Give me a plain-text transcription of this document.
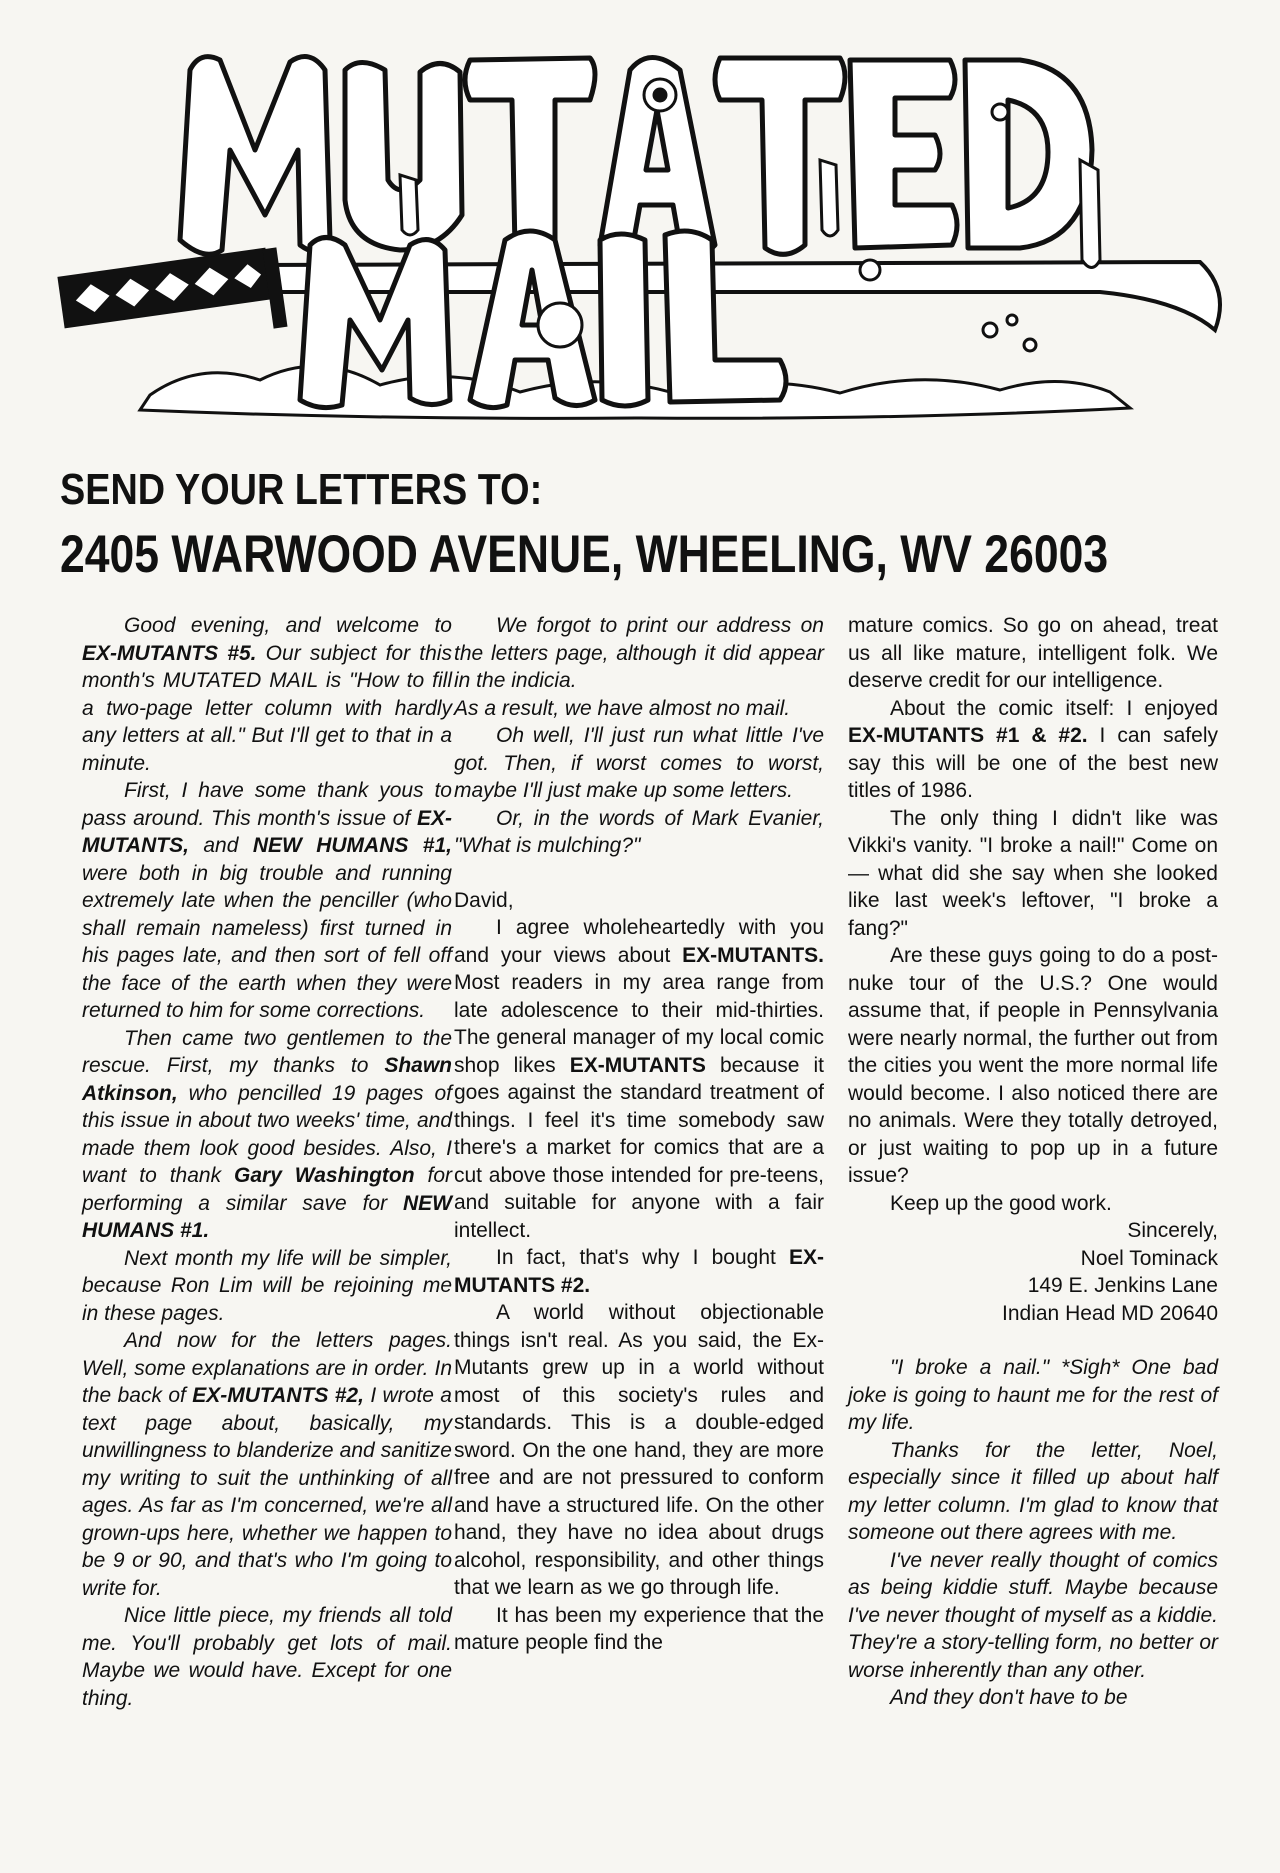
SEND YOUR LETTERS TO:
2405 WARWOOD AVENUE, WHEELING, WV 26003

Good evening, and welcome to EX-MUTANTS #5. Our subject for this month's MUTATED MAIL is "How to fill a two-page letter column with hardly any letters at all." But I'll get to that in a minute.

First, I have some thank yous to pass around. This month's issue of EX-MUTANTS, and NEW HUMANS #1, were both in big trouble and running extremely late when the penciller (who shall remain nameless) first turned in his pages late, and then sort of fell off the face of the earth when they were returned to him for some corrections.

Then came two gentlemen to the rescue. First, my thanks to Shawn Atkinson, who pencilled 19 pages of this issue in about two weeks' time, and made them look good besides. Also, I want to thank Gary Washington for performing a similar save for NEW HUMANS #1.

Next month my life will be simpler, because Ron Lim will be rejoining me in these pages.

And now for the letters pages. Well, some explanations are in order. In the back of EX-MUTANTS #2, I wrote a text page about, basically, my unwillingness to blanderize and sanitize my writing to suit the unthinking of all ages. As far as I'm concerned, we're all grown-ups here, whether we happen to be 9 or 90, and that's who I'm going to write for.

Nice little piece, my friends all told me. You'll probably get lots of mail. Maybe we would have. Except for one thing.

We forgot to print our address on the letters page, although it did appear in the indicia.

As a result, we have almost no mail.

Oh well, I'll just run what little I've got. Then, if worst comes to worst, maybe I'll just make up some letters.

Or, in the words of Mark Evanier, "What is mulching?"

David,

I agree wholeheartedly with you and your views about EX-MUTANTS. Most readers in my area range from late adolescence to their mid-thirties. The general manager of my local comic shop likes EX-MUTANTS because it goes against the standard treatment of things. I feel it's time somebody saw there's a market for comics that are a cut above those intended for pre-teens, and suitable for anyone with a fair intellect.

In fact, that's why I bought EX-MUTANTS #2.

A world without objectionable things isn't real. As you said, the Ex-Mutants grew up in a world without most of this society's rules and standards. This is a double-edged sword. On the one hand, they are more free and are not pressured to conform and have a structured life. On the other hand, they have no idea about drugs alcohol, responsibility, and other things that we learn as we go through life.

It has been my experience that the mature people find the

mature comics. So go on ahead, treat us all like mature, intelligent folk. We deserve credit for our intelligence.

About the comic itself: I enjoyed EX-MUTANTS #1 & #2. I can safely say this will be one of the best new titles of 1986.

The only thing I didn't like was Vikki's vanity. "I broke a nail!" Come on — what did she say when she looked like last week's leftover, "I broke a fang?"

Are these guys going to do a post-nuke tour of the U.S.? One would assume that, if people in Pennsylvania were nearly normal, the further out from the cities you went the more normal life would become. I also noticed there are no animals. Were they totally detroyed, or just waiting to pop up in a future issue?

Keep up the good work.

Sincerely,
Noel Tominack
149 E. Jenkins Lane
Indian Head MD 20640

"I broke a nail." *Sigh* One bad joke is going to haunt me for the rest of my life.

Thanks for the letter, Noel, especially since it filled up about half my letter column. I'm glad to know that someone out there agrees with me.

I've never really thought of comics as being kiddie stuff. Maybe because I've never thought of myself as a kiddie. They're a story-telling form, no better or worse inherently than any other.

And they don't have to be
